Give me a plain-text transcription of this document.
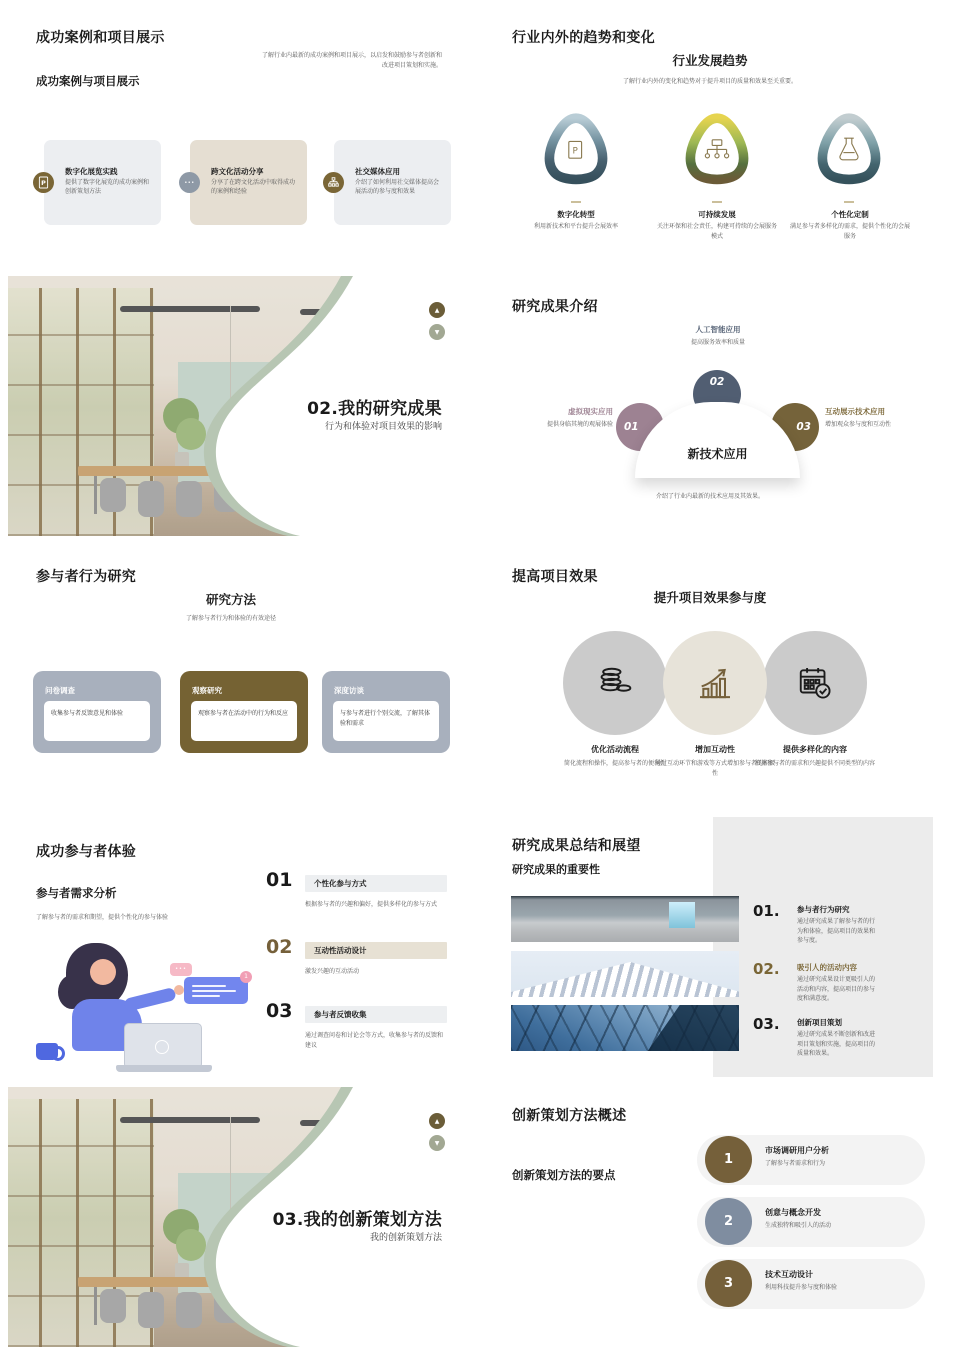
成功案例和项目展示
了解行业内最新的成功案例和项目展示，以启发和鼓励参与者创新和改进项目策划和实施。
成功案例与项目展示
数字化展览实践
提供了数字化展览的成功案例和创新策划方法
P
跨文化活动分享
分享了在跨文化活动中取得成功的案例和经验
•••
社交媒体应用
介绍了如何利用社交媒体提高会展活动的参与度和效果
行业内外的趋势和变化
行业发展趋势
了解行业内外的变化和趋势对于提升项目的质量和效果至关重要。
P
数字化转型
利用新技术和平台提升会展效率
可持续发展
关注环保和社会责任，构建可持续的会展服务模式
个性化定制
满足参与者多样化的需求，提供个性化的会展服务
02.我的研究成果
行为和体验对项目效果的影响
▲
▼
研究成果介绍
人工智能应用
提高服务效率和质量
02
01	03
新技术应用
虚拟现实应用
提供身临其境的观展体验
互动展示技术应用
增加观众参与度和互动性
介绍了行业内最新的技术应用及其效果。
参与者行为研究
研究方法
了解参与者行为和体验的有效途径
问卷调查
收集参与者反馈意见和体验
观察研究
观察参与者在活动中的行为和反应
深度访谈
与参与者进行个别交流，了解其体验和需求
提高项目效果
提升项目效果参与度
优化活动流程
简化流程和操作，提高参与者的便利性
增加互动性
通过互动环节和游戏等方式增加参与者的积极性
提供多样化的内容
根据参与者的需求和兴趣提供不同类型的内容
成功参与者体验
参与者需求分析
了解参与者的需求和期望，提供个性化的参与体验
•••
1
01	个性化参与方式
根据参与者的兴趣和偏好，提供多样化的参与方式
02	互动性活动设计
激发兴趣的互动活动
03	参与者反馈收集
通过调查问卷和讨论会等方式，收集参与者的反馈和建议
研究成果总结和展望
研究成果的重要性
01. 参与者行为研究
通过研究成果了解参与者的行为和体验，提高项目的效果和参与度。
02. 吸引人的活动内容
通过研究成果设计更吸引人的活动和内容，提高项目的参与度和满意度。
03. 创新项目策划
通过研究成果不断创新和改进项目策划和实施，提高项目的质量和效果。
03.我的创新策划方法
我的创新策划方法
▲
▼
创新策划方法概述
创新策划方法的要点
1
市场调研用户分析
了解参与者需求和行为
2
创意与概念开发
生成独特和吸引人的活动
3
技术互动设计
利用科技提升参与度和体验
